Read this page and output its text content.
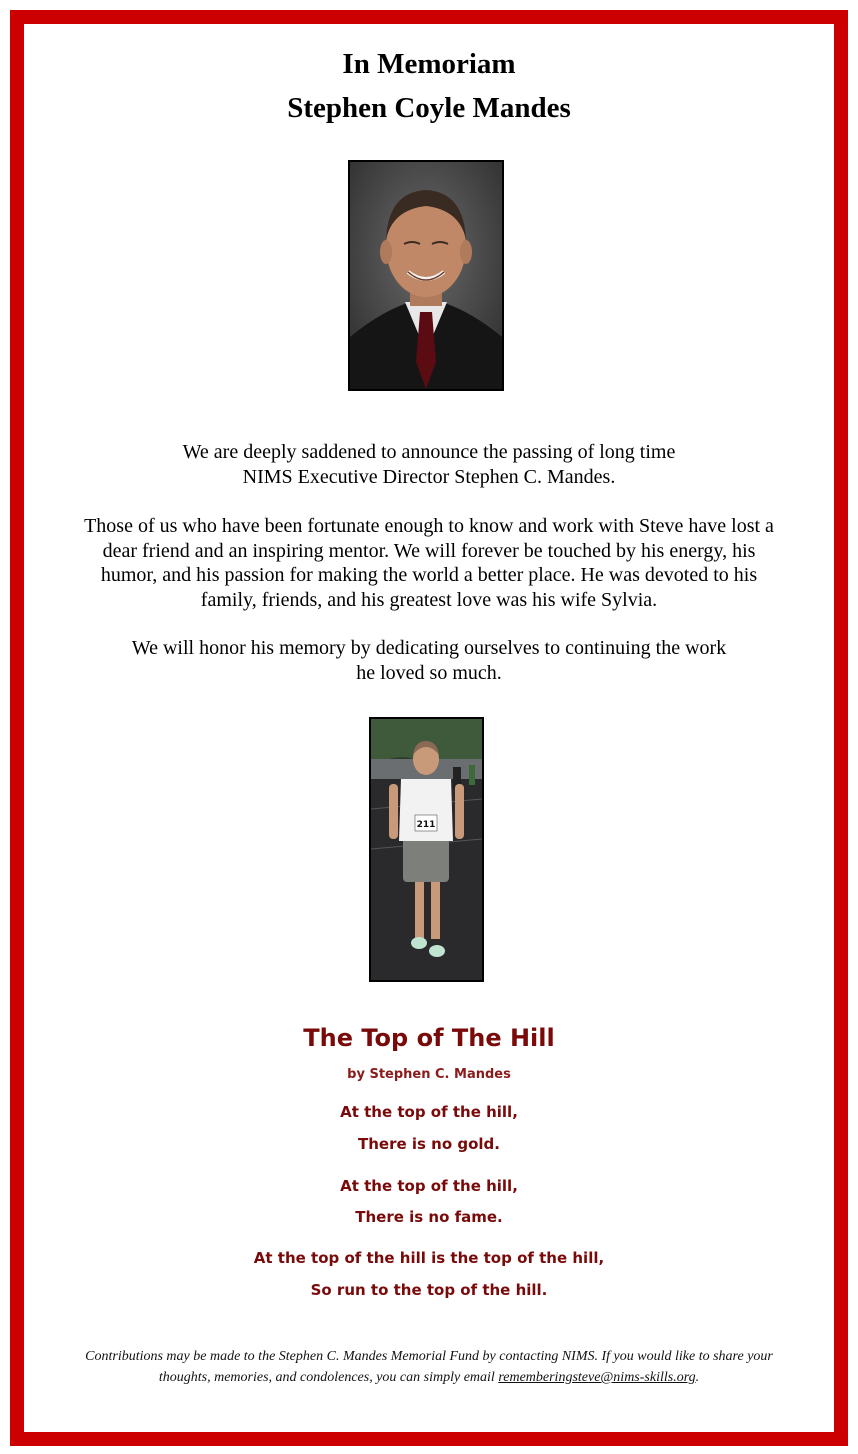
In Memoriam
Stephen Coyle Mandes
We are deeply saddened to announce the passing of long time
NIMS Executive Director Stephen C. Mandes.
Those of us who have been fortunate enough to know and work with Steve have lost a dear friend and an inspiring mentor. We will forever be touched by his energy, his humor, and his passion for making the world a better place. He was devoted to his family, friends, and his greatest love was his wife Sylvia.
We will honor his memory by dedicating ourselves to continuing the work
he loved so much.
211
The Top of The Hill
by Stephen C. Mandes
At the top of the hill,
There is no gold.
At the top of the hill,
There is no fame.
At the top of the hill is the top of the hill,
So run to the top of the hill.
Contributions may be made to the Stephen C. Mandes Memorial Fund by contacting NIMS. If you would like to share your thoughts, memories, and condolences, you can simply email rememberingsteve@nims-skills.org.
